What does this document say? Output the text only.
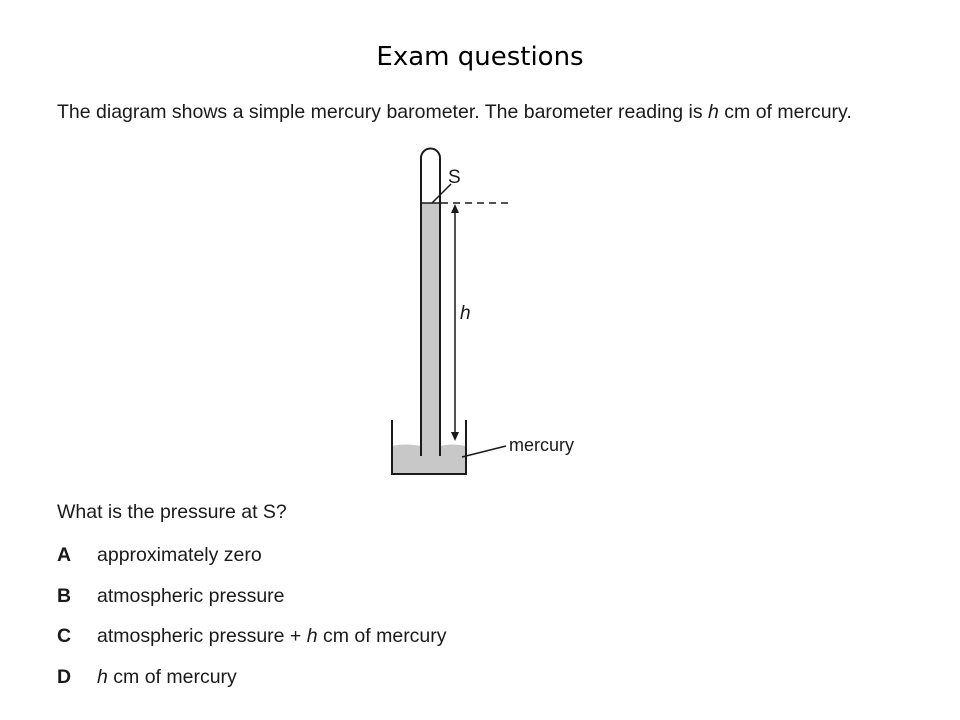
Exam questions
The diagram shows a simple mercury barometer. The barometer reading is h cm of mercury.
S
h
mercury
What is the pressure at S?
A	approximately zero
B	atmospheric pressure
C	atmospheric pressure + h cm of mercury
D	h cm of mercury
